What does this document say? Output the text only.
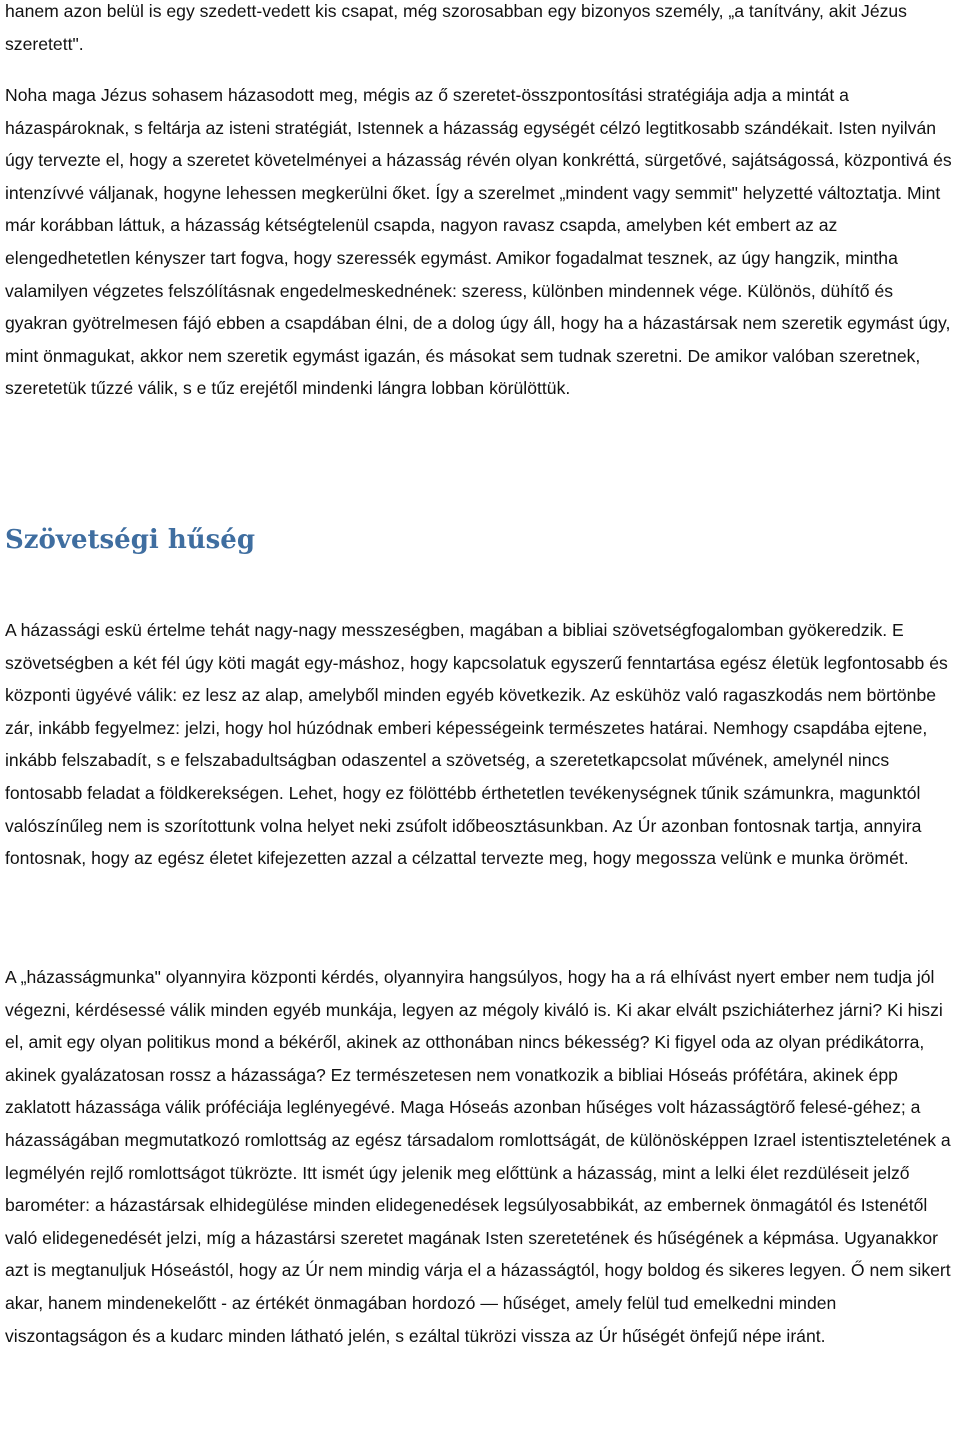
hanem azon belül is egy szedett-vedett kis csapat, még szorosabban egy bizonyos személy, „a tanítvány, akit Jézus szeretett".

Noha maga Jézus sohasem házasodott meg, mégis az ő szeretet-összpontosítási stratégiája adja a mintát a házaspároknak, s feltárja az isteni stratégiát, Istennek a házasság egységét célzó legtitkosabb szándékait. Isten nyilván úgy tervezte el, hogy a szeretet követelményei a házasság révén olyan konkréttá, sürgetővé, sajátságossá, központivá és intenzívvé váljanak, hogyne lehessen megkerülni őket. Így a szerelmet „mindent vagy semmit" helyzetté változtatja. Mint már korábban láttuk, a házasság kétségtelenül csapda, nagyon ravasz csapda, amelyben két embert az az elengedhetetlen kényszer tart fogva, hogy szeressék egymást. Amikor fogadalmat tesznek, az úgy hangzik, mintha valamilyen végzetes felszólításnak engedelmeskednének: szeress, különben mindennek vége. Különös, dühítő és gyakran gyötrelmesen fájó ebben a csapdában élni, de a dolog úgy áll, hogy ha a házastársak nem szeretik egymást úgy, mint önmagukat, akkor nem szeretik egymást igazán, és másokat sem tudnak szeretni. De amikor valóban szeretnek, szeretetük tűzzé válik, s e tűz erejétől mindenki lángra lobban körülöttük.

Szövetségi hűség

A házassági eskü értelme tehát nagy-nagy messzeségben, magában a bibliai szövetségfogalomban gyökeredzik. E szövetségben a két fél úgy köti magát egy-máshoz, hogy kapcsolatuk egyszerű fenntartása egész életük legfontosabb és központi ügyévé válik: ez lesz az alap, amelyből minden egyéb következik. Az eskühöz való ragaszkodás nem börtönbe zár, inkább fegyelmez: jelzi, hogy hol húzódnak emberi képességeink természetes határai. Nemhogy csapdába ejtene, inkább felszabadít, s e felszabadultságban odaszentel a szövetség, a szeretetkapcsolat művének, amelynél nincs fontosabb feladat a földkerekségen. Lehet, hogy ez fölöttébb érthetetlen tevékenységnek tűnik számunkra, magunktól valószínűleg nem is szorítottunk volna helyet neki zsúfolt időbeosztásunkban. Az Úr azonban fontosnak tartja, annyira fontosnak, hogy az egész életet kifejezetten azzal a célzattal tervezte meg, hogy megossza velünk e munka örömét.

A „házasságmunka" olyannyira központi kérdés, olyannyira hangsúlyos, hogy ha a rá elhívást nyert ember nem tudja jól végezni, kérdésessé válik minden egyéb munkája, legyen az mégoly kiváló is. Ki akar elvált pszichiáterhez járni? Ki hiszi el, amit egy olyan politikus mond a békéről, akinek az otthonában nincs békesség? Ki figyel oda az olyan prédikátorra, akinek gyalázatosan rossz a házassága? Ez természetesen nem vonatkozik a bibliai Hóseás prófétára, akinek épp zaklatott házassága válik próféciája leglényegévé. Maga Hóseás azonban hűséges volt házasságtörő felesé-géhez; a házasságában megmutatkozó romlottság az egész társadalom romlottságát, de különösképpen Izrael istentiszteletének a legmélyén rejlő romlottságot tükrözte. Itt ismét úgy jelenik meg előttünk a házasság, mint a lelki élet rezdüléseit jelző barométer: a házastársak elhidegülése minden elidegenedések legsúlyosabbikát, az embernek önmagától és Istenétől való elidegenedését jelzi, míg a házastársi szeretet magának Isten szeretetének és hűségének a képmása. Ugyanakkor azt is megtanuljuk Hóseástól, hogy az Úr nem mindig várja el a házasságtól, hogy boldog és sikeres legyen. Ő nem sikert akar, hanem mindenekelőtt - az értékét önmagában hordozó — hűséget, amely felül tud emelkedni minden viszontagságon és a kudarc minden látható jelén, s ezáltal tükrözi vissza az Úr hűségét önfejű népe iránt.
